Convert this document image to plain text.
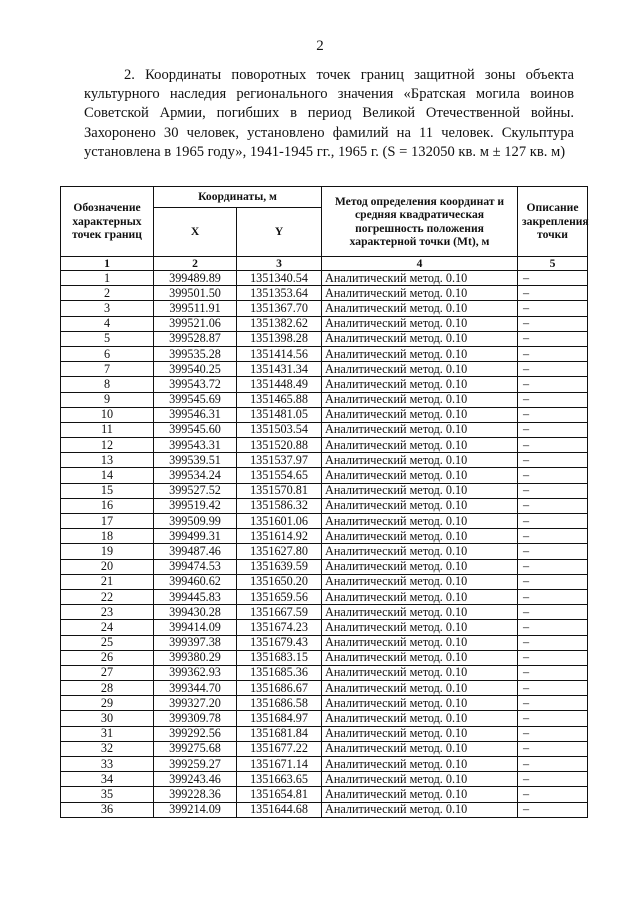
2

2. Координаты поворотных точек границ защитной зоны объекта культурного наследия регионального значения «Братская могила воинов Советской Армии, погибших в период Великой Отечественной войны. Захоронено 30 человек, установлено фамилий на 11 человек. Скульптура установлена в 1965 году», 1941-1945 гг., 1965 г. (S = 132050 кв. м ± 127 кв. м)

Обозначение характерных точек границ	Координаты, м		Метод определения координат и средняя квадратическая погрешность положения характерной точки (Mt), м	Описание закрепления точки
	X	Y		
1	2	3	4	5
1	399489.89	1351340.54	Аналитический метод. 0.10	–
2	399501.50	1351353.64	Аналитический метод. 0.10	–
3	399511.91	1351367.70	Аналитический метод. 0.10	–
4	399521.06	1351382.62	Аналитический метод. 0.10	–
5	399528.87	1351398.28	Аналитический метод. 0.10	–
6	399535.28	1351414.56	Аналитический метод. 0.10	–
7	399540.25	1351431.34	Аналитический метод. 0.10	–
8	399543.72	1351448.49	Аналитический метод. 0.10	–
9	399545.69	1351465.88	Аналитический метод. 0.10	–
10	399546.31	1351481.05	Аналитический метод. 0.10	–
11	399545.60	1351503.54	Аналитический метод. 0.10	–
12	399543.31	1351520.88	Аналитический метод. 0.10	–
13	399539.51	1351537.97	Аналитический метод. 0.10	–
14	399534.24	1351554.65	Аналитический метод. 0.10	–
15	399527.52	1351570.81	Аналитический метод. 0.10	–
16	399519.42	1351586.32	Аналитический метод. 0.10	–
17	399509.99	1351601.06	Аналитический метод. 0.10	–
18	399499.31	1351614.92	Аналитический метод. 0.10	–
19	399487.46	1351627.80	Аналитический метод. 0.10	–
20	399474.53	1351639.59	Аналитический метод. 0.10	–
21	399460.62	1351650.20	Аналитический метод. 0.10	–
22	399445.83	1351659.56	Аналитический метод. 0.10	–
23	399430.28	1351667.59	Аналитический метод. 0.10	–
24	399414.09	1351674.23	Аналитический метод. 0.10	–
25	399397.38	1351679.43	Аналитический метод. 0.10	–
26	399380.29	1351683.15	Аналитический метод. 0.10	–
27	399362.93	1351685.36	Аналитический метод. 0.10	–
28	399344.70	1351686.67	Аналитический метод. 0.10	–
29	399327.20	1351686.58	Аналитический метод. 0.10	–
30	399309.78	1351684.97	Аналитический метод. 0.10	–
31	399292.56	1351681.84	Аналитический метод. 0.10	–
32	399275.68	1351677.22	Аналитический метод. 0.10	–
33	399259.27	1351671.14	Аналитический метод. 0.10	–
34	399243.46	1351663.65	Аналитический метод. 0.10	–
35	399228.36	1351654.81	Аналитический метод. 0.10	–
36	399214.09	1351644.68	Аналитический метод. 0.10	–
